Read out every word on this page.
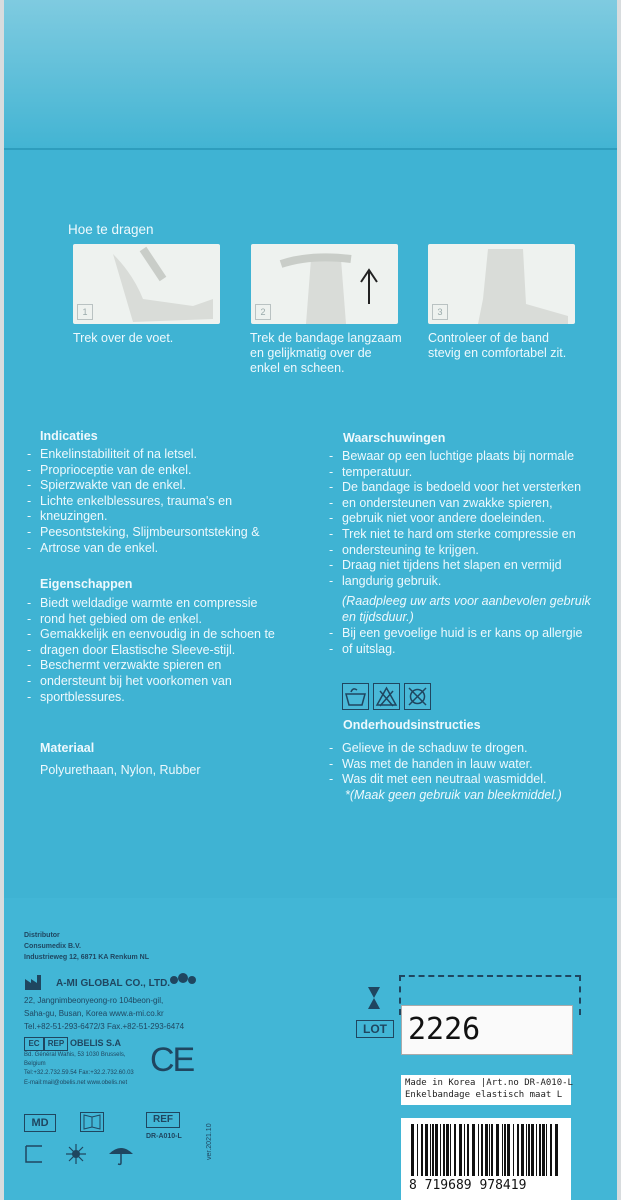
Hoe te dragen
1	2	3
Trek over de voet.	Trek de bandage langzaam
en gelijkmatig over de
enkel en scheen.
Controleer of de band
stevig en comfortabel zit.
Indicaties
- Enkelinstabiliteit of na letsel.
- Proprioceptie van de enkel.
- Spierzwakte van de enkel.
- Lichte enkelblessures, trauma's en
- kneuzingen.
- Peesontsteking, Slijmbeursontsteking &
- Artrose van de enkel.
Eigenschappen
- Biedt weldadige warmte en compressie
- rond het gebied om de enkel.
- Gemakkelijk en eenvoudig in de schoen te
- dragen door Elastische Sleeve-stijl.
- Beschermt verzwakte spieren en
- ondersteunt bij het voorkomen van
- sportblessures.
Materiaal
Polyurethaan, Nylon, Rubber
Waarschuwingen
- Bewaar op een luchtige plaats bij normale
- temperatuur.
- De bandage is bedoeld voor het versterken
- en ondersteunen van zwakke spieren,
- gebruik niet voor andere doeleinden.
- Trek niet te hard om sterke compressie en
- ondersteuning te krijgen.
- Draag niet tijdens het slapen en vermijd
- langdurig gebruik.
(Raadpleeg uw arts voor aanbevolen gebruik
en tijdsduur.)
- Bij een gevoelige huid is er kans op allergie
- of uitslag.
Onderhoudsinstructies
- Gelieve in de schaduw te drogen.
- Was met de handen in lauw water.
- Was dit met een neutraal wasmiddel.
*(Maak geen gebruik van bleekmiddel.)
Distributor
Consumedix B.V.
Industrieweg 12, 6871 KA Renkum NL
A-MI GLOBAL CO., LTD.
22, Jangnimbeonyeong-ro 104beon-gil,
Saha-gu, Busan, Korea www.a-mi.co.kr
Tel.+82-51-293-6472/3 Fax.+82-51-293-6474
EC	REP OBELIS S.A
Bd. Général Wahis, 53 1030 Brussels,
Belgium
Tel:+32.2.732.59.54 Fax:+32.2.732.60.03
E-mail:mail@obelis.net www.obelis.net
CE
MD	REF
DR-A010-L	ver.2021.10
LOT 2226
Made in Korea |Art.no DR-A010-L
Enkelbandage elastisch maat L
8 719689 978419
